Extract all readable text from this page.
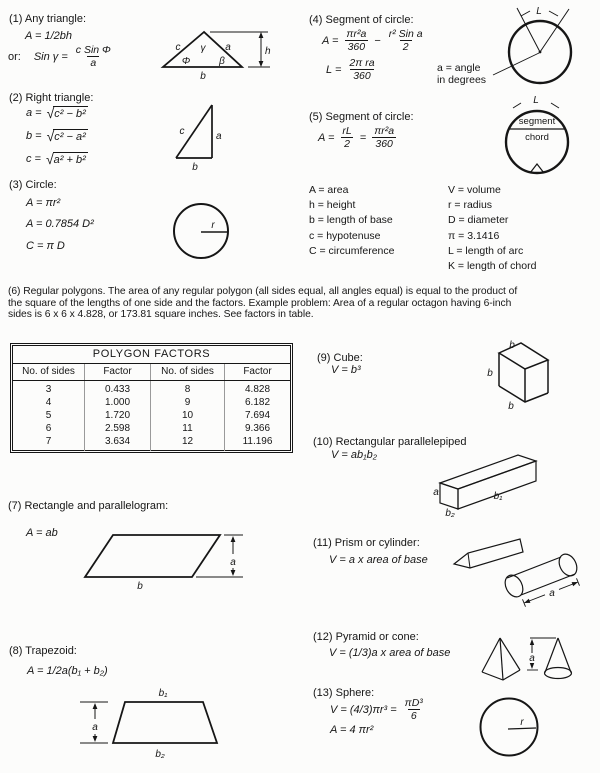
(1) Any triangle:
A = 1/2bh
or: Sin $\gamma = \frac{\text{c Sin Φ}}{a}$	c γ a
Φ	β
b
h
(2) Right triangle:
a = √ c² − b²
b = √ c² − a²
c = √ a² + b²
c	a
b
(3) Circle:
A = πr²
A = 0.7854 D²
C = π D
r
(4) Segment of circle:
$A = \frac{\text{πr²a}}{360} - \frac{\text{r² Sin a}}{2}$
$L = \frac{\text{2π ra}}{360}$	a = angle
in degrees
L
(5) Segment of circle:
$A = \frac{rL}{2} = \frac{\text{πr²a}}{360}$
L
segment
chord
A = area
h = height
b = length of base
c = hypotenuse
C = circumference
V = volume
r = radius
D = diameter
π = 3.1416
L = length of arc
K = length of chord
(6) Regular polygons. The area of any regular polygon (all sides equal, all angles equal) is equal to the product of
the square of the lengths of one side and the factors. Example problem: Area of a regular octagon having 6-inch
sides is 6 x 6 x 4.828, or 173.81 square inches. See factors in table.
POLYGON FACTORS			
No. of sides	Factor	No. of sides	Factor
3	0.433	8	4.828
4	1.000	9	6.182
5	1.720	10	7.694
6	2.598	11	9.366
7	3.634	12	11.196
(7) Rectangle and parallelogram:
A = ab
a
b
(8) Trapezoid:
A = 1/2a(b₁ + b₂)
a
b₁
b₂
(9) Cube:
V = b³
b
b
b
(10) Rectangular parallelepiped
V = ab₁b₂
a	b₁
b₂
(11) Prism or cylinder:
V = a x area of base
a
(12) Pyramid or cone:
V = (1/3)a x area of base	a
(13) Sphere:
$V = (4/3)\pi r^3 = \frac{\text{πD³}}{6}$
A = 4 πr²
r
